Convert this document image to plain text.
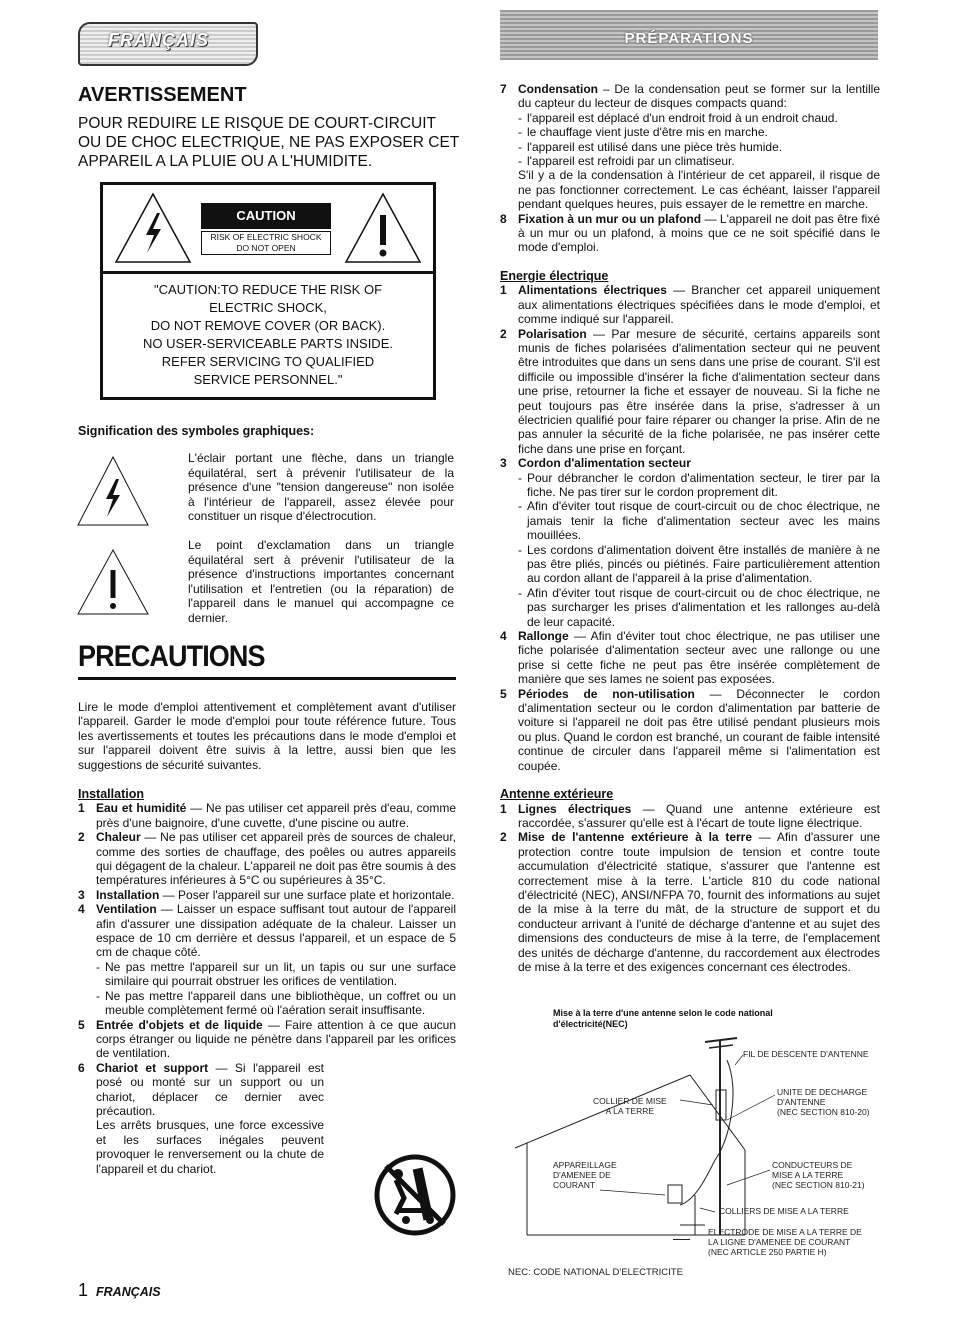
FRANÇAIS	PRÉPARATIONS
AVERTISSEMENT
POUR REDUIRE LE RISQUE DE COURT-CIRCUIT OU DE CHOC ELECTRIQUE, NE PAS EXPOSER CET APPAREIL A LA PLUIE OU A L'HUMIDITE.
CAUTION
RISK OF ELECTRIC SHOCK
DO NOT OPEN
"CAUTION:TO REDUCE THE RISK OF
ELECTRIC SHOCK,
DO NOT REMOVE COVER (OR BACK).
NO USER-SERVICEABLE PARTS INSIDE.
REFER SERVICING TO QUALIFIED
SERVICE PERSONNEL."
Signification des symboles graphiques:
L'éclair portant une flèche, dans un triangle équilatéral, sert à prévenir l'utilisateur de la présence d'une "tension dangereuse" non isolée à l'intérieur de l'appareil, assez élevée pour constituer un risque d'électrocution.
Le point d'exclamation dans un triangle équilatéral sert à prévenir l'utilisateur de la présence d'instructions importantes concernant l'utilisation et l'entretien (ou la réparation) de l'appareil dans le manuel qui accompagne ce dernier.
PRECAUTIONS
Lire le mode d'emploi attentivement et complètement avant d'utiliser l'appareil. Garder le mode d'emploi pour toute référence future. Tous les avertissements et toutes les précautions dans le mode d'emploi et sur l'appareil doivent être suivis à la lettre, aussi bien que les suggestions de sécurité suivantes.
Installation
1 Eau et humidité — Ne pas utiliser cet appareil près d'eau, comme près d'une baignoire, d'une cuvette, d'une piscine ou autre.
2 Chaleur — Ne pas utiliser cet appareil près de sources de chaleur, comme des sorties de chauffage, des poêles ou autres appareils qui dégagent de la chaleur. L'appareil ne doit pas être soumis à des températures inférieures à 5°C ou supérieures à 35°C.
3 Installation — Poser l'appareil sur une surface plate et horizontale.
4 Ventilation — Laisser un espace suffisant tout autour de l'appareil afin d'assurer une dissipation adéquate de la chaleur. Laisser un espace de 10 cm derrière et dessus l'appareil, et un espace de 5 cm de chaque côté.
- Ne pas mettre l'appareil sur un lit, un tapis ou sur une surface similaire qui pourrait obstruer les orifices de ventilation.
- Ne pas mettre l'appareil dans une bibliothèque, un coffret ou un meuble complètement fermé où l'aération serait insuffisante.
5 Entrée d'objets et de liquide — Faire attention à ce que aucun corps étranger ou liquide ne pénètre dans l'appareil par les orifices de ventilation.
6 Chariot et support — Si l'appareil est posé ou monté sur un support ou un chariot, déplacer ce dernier avec précaution.
Les arrêts brusques, une force excessive et les surfaces inégales peuvent provoquer le renversement ou la chute de l'appareil et du chariot.
7 Condensation – De la condensation peut se former sur la lentille du capteur du lecteur de disques compacts quand:
- l'appareil est déplacé d'un endroit froid à un endroit chaud.
- le chauffage vient juste d'être mis en marche.
- l'appareil est utilisé dans une pièce très humide.
- l'appareil est refroidi par un climatiseur.
S'il y a de la condensation à l'intérieur de cet appareil, il risque de ne pas fonctionner correctement. Le cas échéant, laisser l'appareil pendant quelques heures, puis essayer de le remettre en marche.
8 Fixation à un mur ou un plafond — L'appareil ne doit pas être fixé à un mur ou un plafond, à moins que ce ne soit spécifié dans le mode d'emploi.
Energie électrique
1 Alimentations électriques — Brancher cet appareil uniquement aux alimentations électriques spécifiées dans le mode d'emploi, et comme indiqué sur l'appareil.
2 Polarisation — Par mesure de sécurité, certains appareils sont munis de fiches polarisées d'alimentation secteur qui ne peuvent être introduites que dans un sens dans une prise de courant. S'il est difficile ou impossible d'insérer la fiche d'alimentation secteur dans une prise, retourner la fiche et essayer de nouveau. Si la fiche ne peut toujours pas être insérée dans la prise, s'adresser à un électricien qualifié pour faire réparer ou changer la prise. Afin de ne pas annuler la sécurité de la fiche polarisée, ne pas insérer cette fiche dans une prise en forçant.
3 Cordon d'alimentation secteur
- Pour débrancher le cordon d'alimentation secteur, le tirer par la fiche. Ne pas tirer sur le cordon proprement dit.
- Afin d'éviter tout risque de court-circuit ou de choc électrique, ne jamais tenir la fiche d'alimentation secteur avec les mains mouillées.
- Les cordons d'alimentation doivent être installés de manière à ne pas être pliés, pincés ou piétinés. Faire particulièrement attention au cordon allant de l'appareil à la prise d'alimentation.
- Afin d'éviter tout risque de court-circuit ou de choc électrique, ne pas surcharger les prises d'alimentation et les rallonges au-delà de leur capacité.
4 Rallonge — Afin d'éviter tout choc électrique, ne pas utiliser une fiche polarisée d'alimentation secteur avec une rallonge ou une prise si cette fiche ne peut pas être insérée complètement de manière que ses lames ne soient pas exposées.
5 Périodes de non-utilisation — Déconnecter le cordon d'alimentation secteur ou le cordon d'alimentation par batterie de voiture si l'appareil ne doit pas être utilisé pendant plusieurs mois ou plus. Quand le cordon est branché, un courant de faible intensité continue de circuler dans l'appareil même si l'alimentation est coupée.
Antenne extérieure
1 Lignes électriques — Quand une antenne extérieure est raccordée, s'assurer qu'elle est à l'écart de toute ligne électrique.
2 Mise de l'antenne extérieure à la terre — Afin d'assurer une protection contre toute impulsion de tension et contre toute accumulation d'électricité statique, s'assurer que l'antenne est correctement mise à la terre. L'article 810 du code national d'électricité (NEC), ANSI/NFPA 70, fournit des informations au sujet de la mise à la terre du mât, de la structure de support et du conducteur arrivant à l'unité de décharge d'antenne et au sujet des dimensions des conducteurs de mise à la terre, de l'emplacement des unités de décharge d'antenne, du raccordement aux électrodes de mise à la terre et des exigences concernant ces électrodes.
Mise à la terre d'une antenne selon le code national
d'électricité(NEC)
FIL DE DESCENTE D'ANTENNE
COLLIER DE MISE
A LA TERRE
UNITE DE DECHARGE
D'ANTENNE
(NEC SECTION 810-20)
APPAREILLAGE
D'AMENEE DE
COURANT
CONDUCTEURS DE
MISE A LA TERRE
(NEC SECTION 810-21)
COLLIERS DE MISE A LA TERRE
ELECTRODE DE MISE A LA TERRE DE
LA LIGNE D'AMENEE DE COURANT
(NEC ARTICLE 250 PARTIE H)
NEC: CODE NATIONAL D'ELECTRICITE
1 FRANÇAIS
